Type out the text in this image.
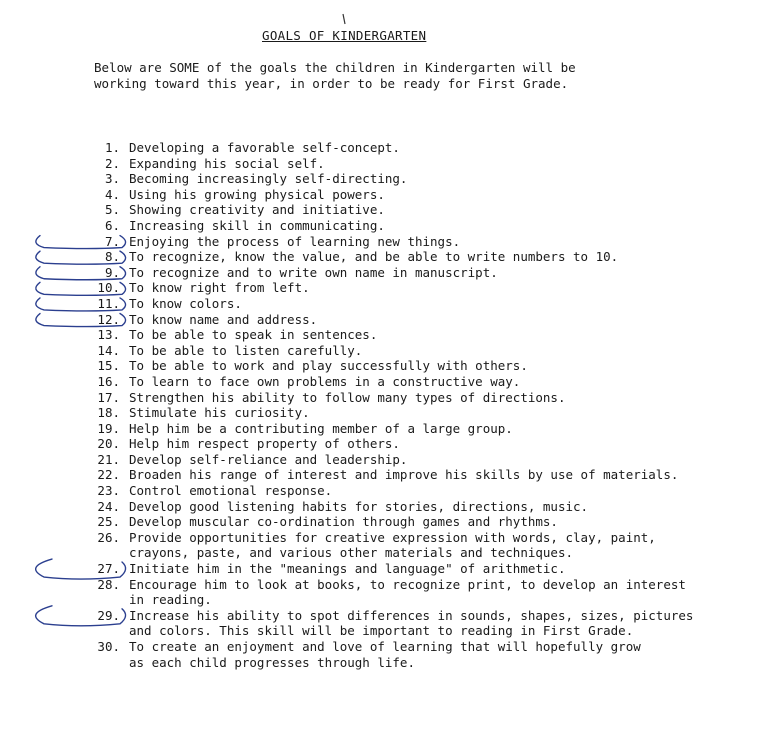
GOALS OF KINDERGARTEN

Below are SOME of the goals the children in Kindergarten will be

working toward this year, in order to be ready for First Grade.

1. Developing a favorable self-concept.
2. Expanding his social self.
3. Becoming increasingly self-directing.
4. Using his growing physical powers.
5. Showing creativity and initiative.
6. Increasing skill in communicating.
7. Enjoying the process of learning new things.
8. To recognize, know the value, and be able to write numbers to 10.
9. To recognize and to write own name in manuscript.
10. To know right from left.
11. To know colors.
12. To know name and address.
13. To be able to speak in sentences.
14. To be able to listen carefully.
15. To be able to work and play successfully with others.
16. To learn to face own problems in a constructive way.
17. Strengthen his ability to follow many types of directions.
18. Stimulate his curiosity.
19. Help him be a contributing member of a large group.
20. Help him respect property of others.
21. Develop self-reliance and leadership.
22. Broaden his range of interest and improve his skills by use of materials.
23. Control emotional response.
24. Develop good listening habits for stories, directions, music.
25. Develop muscular co-ordination through games and rhythms.
26. Provide opportunities for creative expression with words, clay, paint,
crayons, paste, and various other materials and techniques.
27. Initiate him in the "meanings and language" of arithmetic.
28. Encourage him to look at books, to recognize print, to develop an interest
in reading.
29. Increase his ability to spot differences in sounds, shapes, sizes, pictures
and colors. This skill will be important to reading in First Grade.
30. To create an enjoyment and love of learning that will hopefully grow
as each child progresses through life.
